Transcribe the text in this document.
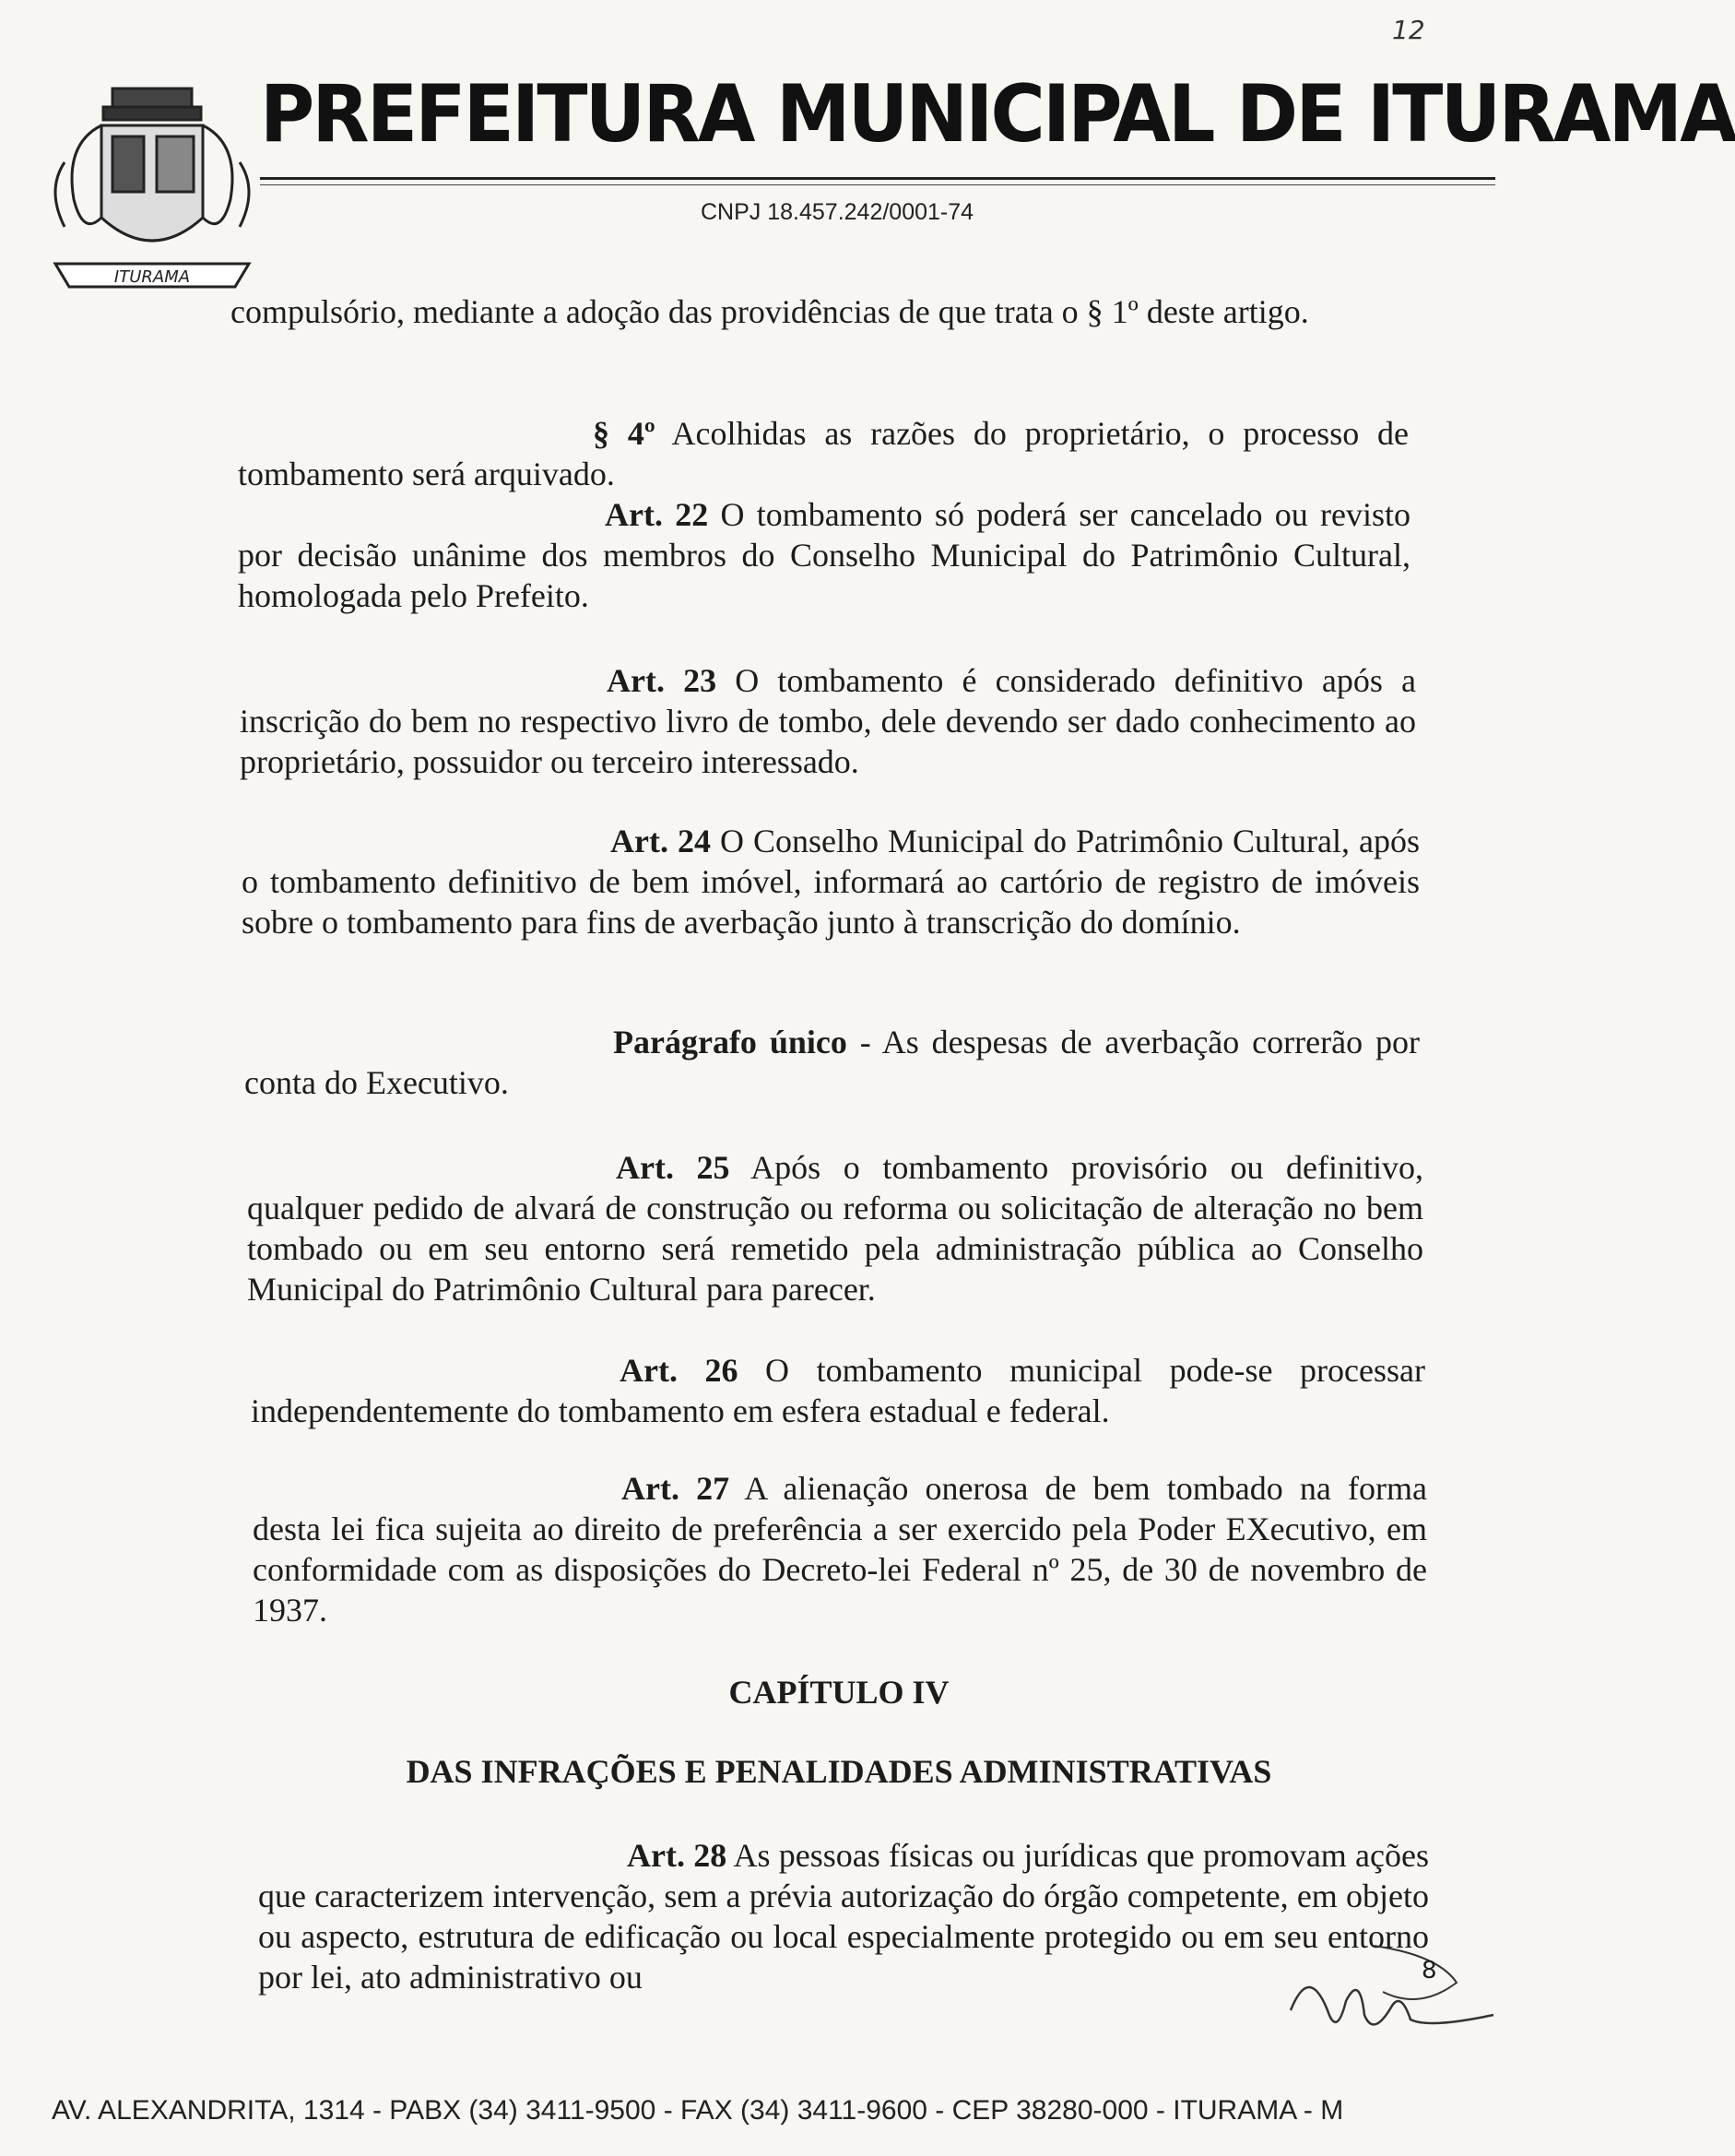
ITURAMA
12
PREFEITURA MUNICIPAL DE ITURAMA
CNPJ 18.457.242/0001-74
compulsório, mediante a adoção das providências de que trata o § 1º deste artigo.
§ 4º Acolhidas as razões do proprietário, o processo de tombamento será arquivado.
Art. 22 O tombamento só poderá ser cancelado ou revisto por decisão unânime dos membros do Conselho Municipal do Patrimônio Cultural, homologada pelo Prefeito.
Art. 23 O tombamento é considerado definitivo após a inscrição do bem no respectivo livro de tombo, dele devendo ser dado conhecimento ao proprietário, possuidor ou terceiro interessado.
Art. 24 O Conselho Municipal do Patrimônio Cultural, após o tombamento definitivo de bem imóvel, informará ao cartório de registro de imóveis sobre o tombamento para fins de averbação junto à transcrição do domínio.
Parágrafo único - As despesas de averbação correrão por conta do Executivo.
Art. 25 Após o tombamento provisório ou definitivo, qualquer pedido de alvará de construção ou reforma ou solicitação de alteração no bem tombado ou em seu entorno será remetido pela administração pública ao Conselho Municipal do Patrimônio Cultural para parecer.
Art. 26 O tombamento municipal pode-se processar independentemente do tombamento em esfera estadual e federal.
Art. 27 A alienação onerosa de bem tombado na forma desta lei fica sujeita ao direito de preferência a ser exercido pela Poder EXecutivo, em conformidade com as disposições do Decreto-lei Federal nº 25, de 30 de novembro de 1937.
CAPÍTULO IV
DAS INFRAÇÕES E PENALIDADES ADMINISTRATIVAS
Art. 28 As pessoas físicas ou jurídicas que promovam ações que caracterizem intervenção, sem a prévia autorização do órgão competente, em objeto ou aspecto, estrutura de edificação ou local especialmente protegido ou em seu entorno por lei, ato administrativo ou	8
AV. ALEXANDRITA, 1314 - PABX (34) 3411-9500 - FAX (34) 3411-9600 - CEP 38280-000 - ITURAMA - M
